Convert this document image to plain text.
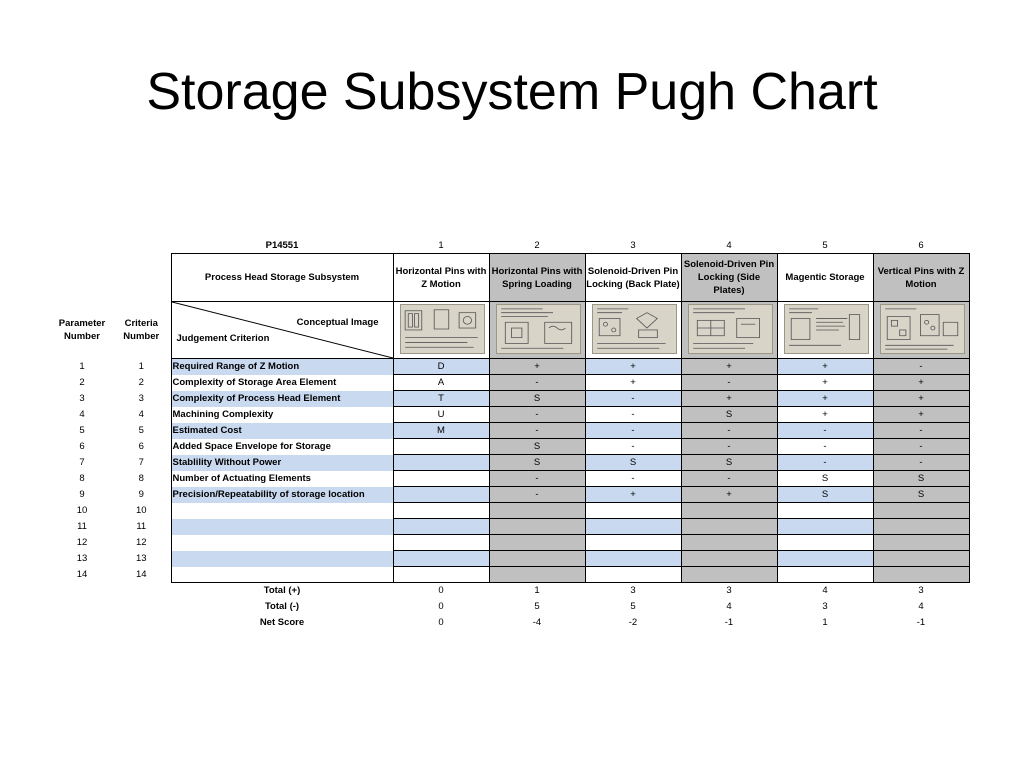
Storage Subsystem Pugh Chart
		P14551	1	2	3	4	5	6
		Process Head Storage Subsystem	Horizontal Pins with Z Motion	Horizontal Pins with Spring Loading	Solenoid-Driven Pin Locking (Back Plate)	Solenoid-Driven Pin Locking (Side Plates)	Magentic Storage	Vertical Pins with Z Motion
Parameter Number	Criteria Number	Conceptual Image
Judgement Criterion

1	1	Required Range of Z Motion	D	+	+	+	+	-
2	2	Complexity of Storage Area Element	A	-	+	-	+	+
3	3	Complexity of Process Head Element	T	S	-	+	+	+
4	4	Machining Complexity	U	-	-	S	+	+
5	5	Estimated Cost	M	-	-	-	-	-
6	6	Added Space Envelope for Storage		S	-	-	-	-
7	7	Stablility Without Power		S	S	S	-	-
8	8	Number of Actuating Elements		-	-	-	S	S
9	9	Precision/Repeatability of storage location		-	+	+	S	S
10	10							
11	11							
12	12							
13	13							
14	14							
		Total (+)	0	1	3	3	4	3
		Total (-)	0	5	5	4	3	4
		Net Score	0	-4	-2	-1	1	-1
